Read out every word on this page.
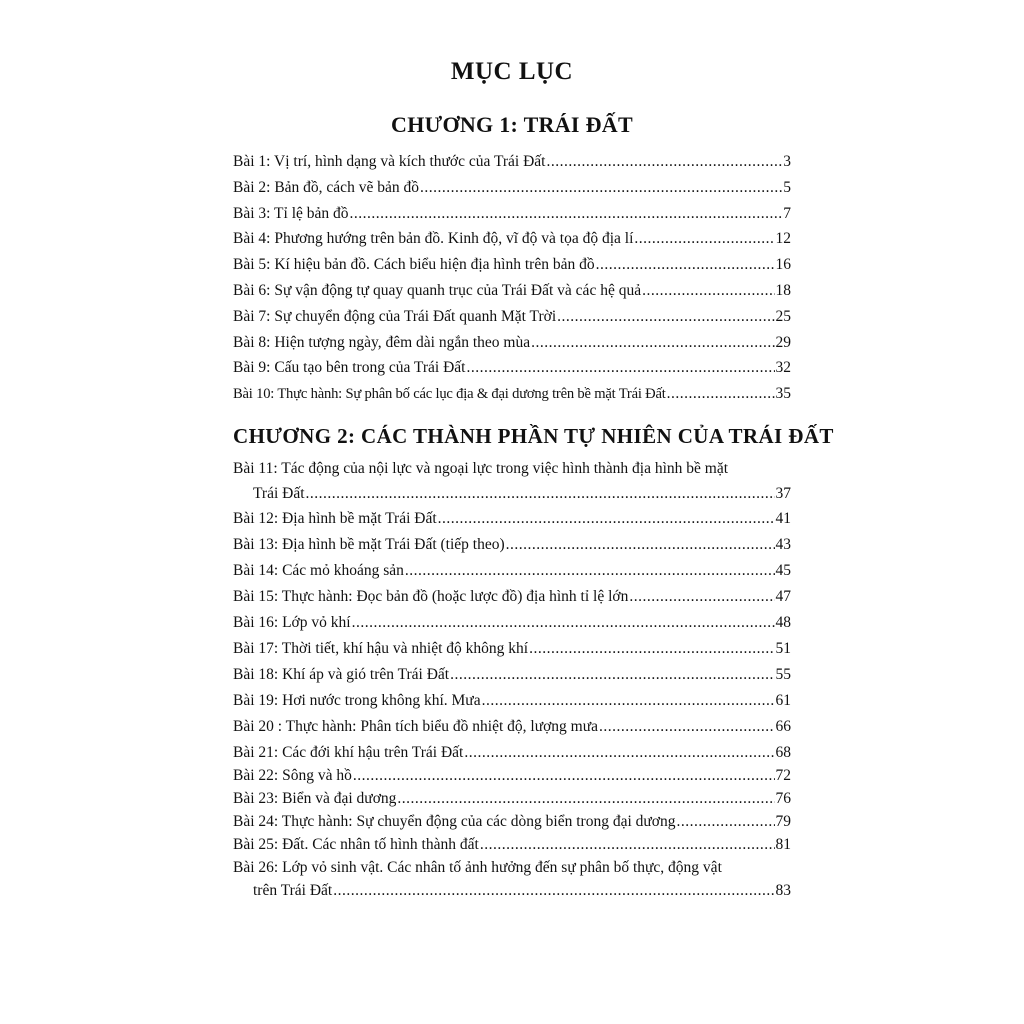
MỤC LỤC
CHƯƠNG 1: TRÁI ĐẤT
Bài 1: Vị trí, hình dạng và kích thước của Trái Đất .....	3
Bài 2: Bản đồ, cách vẽ bản đồ .....	5
Bài 3: Tỉ lệ bản đồ .....	7
Bài 4: Phương hướng trên bản đồ. Kinh độ, vĩ độ và tọa độ địa lí .....	12
Bài 5: Kí hiệu bản đồ. Cách biểu hiện địa hình trên bản đồ .....	16
Bài 6: Sự vận động tự quay quanh trục của Trái Đất và các hệ quả .....	18
Bài 7: Sự chuyển động của Trái Đất quanh Mặt Trời .....	25
Bài 8: Hiện tượng ngày, đêm dài ngắn theo mùa .....	29
Bài 9: Cấu tạo bên trong của Trái Đất .....	32
Bài 10: Thực hành: Sự phân bố các lục địa & đại dương trên bề mặt Trái Đất .....	35
CHƯƠNG 2: CÁC THÀNH PHẦN TỰ NHIÊN CỦA TRÁI ĐẤT
Bài 11: Tác động của nội lực và ngoại lực trong việc hình thành địa hình bề mặt
Trái Đất .....	37
Bài 12: Địa hình bề mặt Trái Đất .....	41
Bài 13: Địa hình bề mặt Trái Đất (tiếp theo) .....	43
Bài 14: Các mỏ khoáng sản .....	45
Bài 15: Thực hành: Đọc bản đồ (hoặc lược đồ) địa hình tỉ lệ lớn .....	47
Bài 16: Lớp vỏ khí .....	48
Bài 17: Thời tiết, khí hậu và nhiệt độ không khí .....	51
Bài 18: Khí áp và gió trên Trái Đất .....	55
Bài 19: Hơi nước trong không khí. Mưa .....	61
Bài 20 : Thực hành: Phân tích biểu đồ nhiệt độ, lượng mưa .....	66
Bài 21: Các đới khí hậu trên Trái Đất .....	68
Bài 22: Sông và hồ .....	72
Bài 23: Biển và đại dương .....	76
Bài 24: Thực hành: Sự chuyển động của các dòng biển trong đại dương .....	79
Bài 25: Đất. Các nhân tố hình thành đất .....	81
Bài 26: Lớp vỏ sinh vật. Các nhân tố ảnh hưởng đến sự phân bố thực, động vật
trên Trái Đất .....	83
